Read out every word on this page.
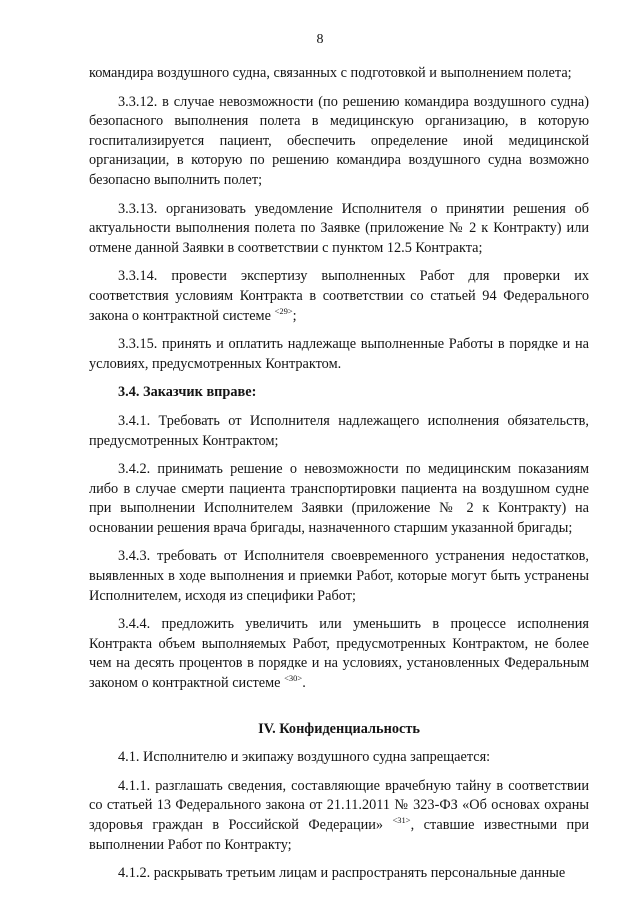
8

командира воздушного судна, связанных с подготовкой и выполнением полета;

3.3.12. в случае невозможности (по решению командира воздушного судна) безопасного выполнения полета в медицинскую организацию, в которую госпитализируется пациент, обеспечить определение иной медицинской организации, в которую по решению командира воздушного судна возможно безопасно выполнить полет;

3.3.13. организовать уведомление Исполнителя о принятии решения об актуальности выполнения полета по Заявке (приложение № 2 к Контракту) или отмене данной Заявки в соответствии с пунктом 12.5 Контракта;

3.3.14. провести экспертизу выполненных Работ для проверки их соответствия условиям Контракта в соответствии со статьей 94 Федерального закона о контрактной системе $^{<29>}$;

3.3.15. принять и оплатить надлежаще выполненные Работы в порядке и на условиях, предусмотренных Контрактом.

3.4. Заказчик вправе:

3.4.1. Требовать от Исполнителя надлежащего исполнения обязательств, предусмотренных Контрактом;

3.4.2. принимать решение о невозможности по медицинским показаниям либо в случае смерти пациента транспортировки пациента на воздушном судне при выполнении Исполнителем Заявки (приложение № 2 к Контракту) на основании решения врача бригады, назначенного старшим указанной бригады;

3.4.3. требовать от Исполнителя своевременного устранения недостатков, выявленных в ходе выполнения и приемки Работ, которые могут быть устранены Исполнителем, исходя из специфики Работ;

3.4.4. предложить увеличить или уменьшить в процессе исполнения Контракта объем выполняемых Работ, предусмотренных Контрактом, не более чем на десять процентов в порядке и на условиях, установленных Федеральным законом о контрактной системе $^{<30>}$.

IV. Конфиденциальность

4.1. Исполнителю и экипажу воздушного судна запрещается:

4.1.1. разглашать сведения, составляющие врачебную тайну в соответствии со статьей 13 Федерального закона от 21.11.2011 № 323-ФЗ «Об основах охраны здоровья граждан в Российской Федерации» $^{<31>}$, ставшие известными при выполнении Работ по Контракту;

4.1.2. раскрывать третьим лицам и распространять персональные данные
